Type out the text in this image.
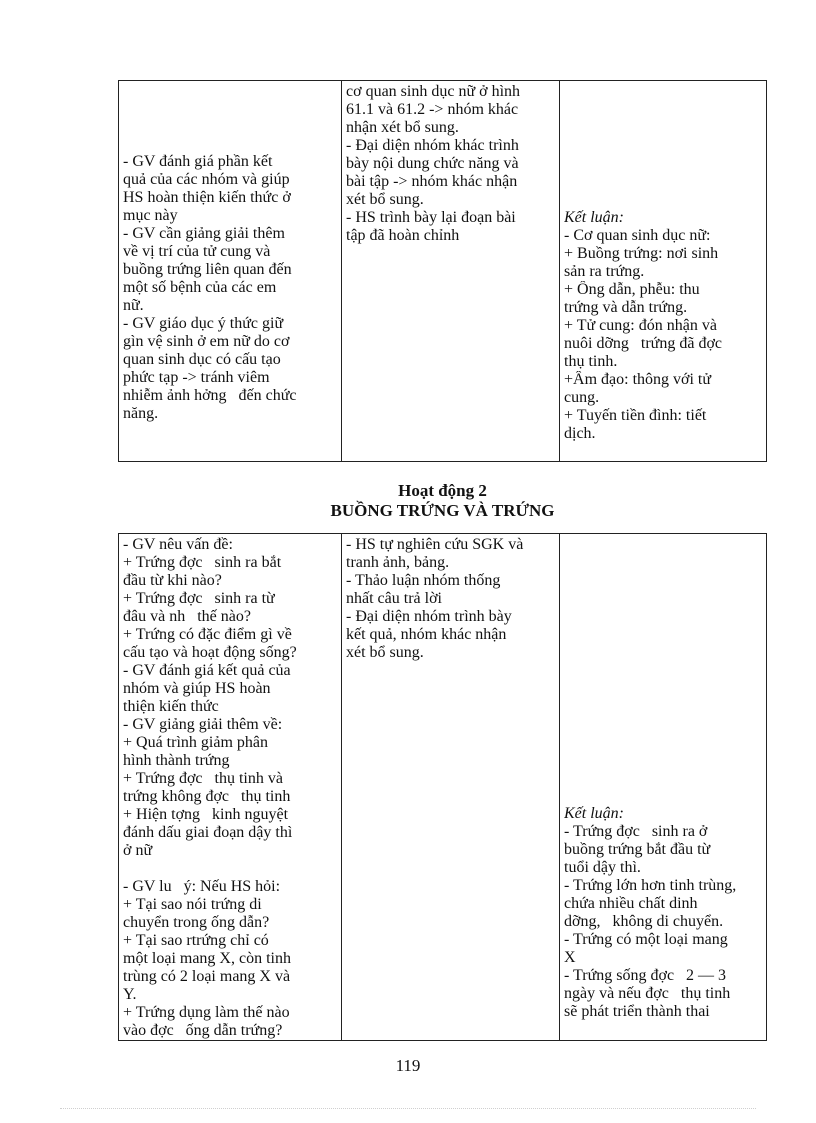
- GV đánh giá phần kết
quả của các nhóm và giúp
HS hoàn thiện kiến thức ở
mục này
- GV cần giảng giải thêm
về vị trí của tử cung và
buồng trứng liên quan đến
một số bệnh của các em
nữ.
- GV giáo dục ý thức giữ
gìn vệ sinh ở em nữ do cơ
quan sinh dục có cấu tạo
phức tạp -> tránh viêm
nhiễm ảnh hởng   đến chức
năng.

cơ quan sinh dục nữ ở hình
61.1 và 61.2 -> nhóm khác
nhận xét bổ sung.
- Đại diện nhóm khác trình
bày nội dung chức năng và
bài tập -> nhóm khác nhận
xét bổ sung.
- HS trình bày lại đoạn bài
tập đã hoàn chỉnh

Kết luận:
- Cơ quan sinh dục nữ:
+ Buồng trứng: nơi sinh
sản ra trứng.
+ Ống dẫn, phễu: thu
trứng và dẫn trứng.
+ Tử cung: đón nhận và
nuôi dỡng   trứng đã đợc
thụ tinh.
+Âm đạo: thông với tử
cung.
+ Tuyến tiền đình: tiết
dịch.
Hoạt động 2
BUỒNG TRỨNG VÀ TRỨNG
- GV nêu vấn đề:
+ Trứng đợc   sinh ra bắt
đầu từ khi nào?
+ Trứng đợc   sinh ra từ
đâu và nh   thế nào?
+ Trứng có đặc điểm gì về
cấu tạo và hoạt động sống?
- GV đánh giá kết quả của
nhóm và giúp HS hoàn
thiện kiến thức
- GV giảng giải thêm về:
+ Quá trình giảm phân
hình thành trứng
+ Trứng đợc   thụ tinh và
trứng không đợc   thụ tinh
+ Hiện tợng   kinh nguyệt
đánh dấu giai đoạn dậy thì
ở nữ

- GV lu   ý: Nếu HS hỏi:
+ Tại sao nói trứng di
chuyển trong ống dẫn?
+ Tại sao rtrứng chỉ có
một loại mang X, còn tinh
trùng có 2 loại mang X và
Y.
+ Trứng dụng làm thế nào
vào đợc   ống dẫn trứng?

- HS tự nghiên cứu SGK và
tranh ảnh, bảng.
- Thảo luận nhóm thống
nhất câu trả lời
- Đại diện nhóm trình bày
kết quả, nhóm khác nhận
xét bổ sung.

Kết luận:
- Trứng đợc   sinh ra ở
buồng trứng bắt đầu từ
tuổi dậy thì.
- Trứng lớn hơn tinh trùng,
chứa nhiều chất dinh
dỡng,   không di chuyển.
- Trứng có một loại mang
X
- Trứng sống đợc   2 — 3
ngày và nếu đợc   thụ tinh
sẽ phát triển thành thai
119
